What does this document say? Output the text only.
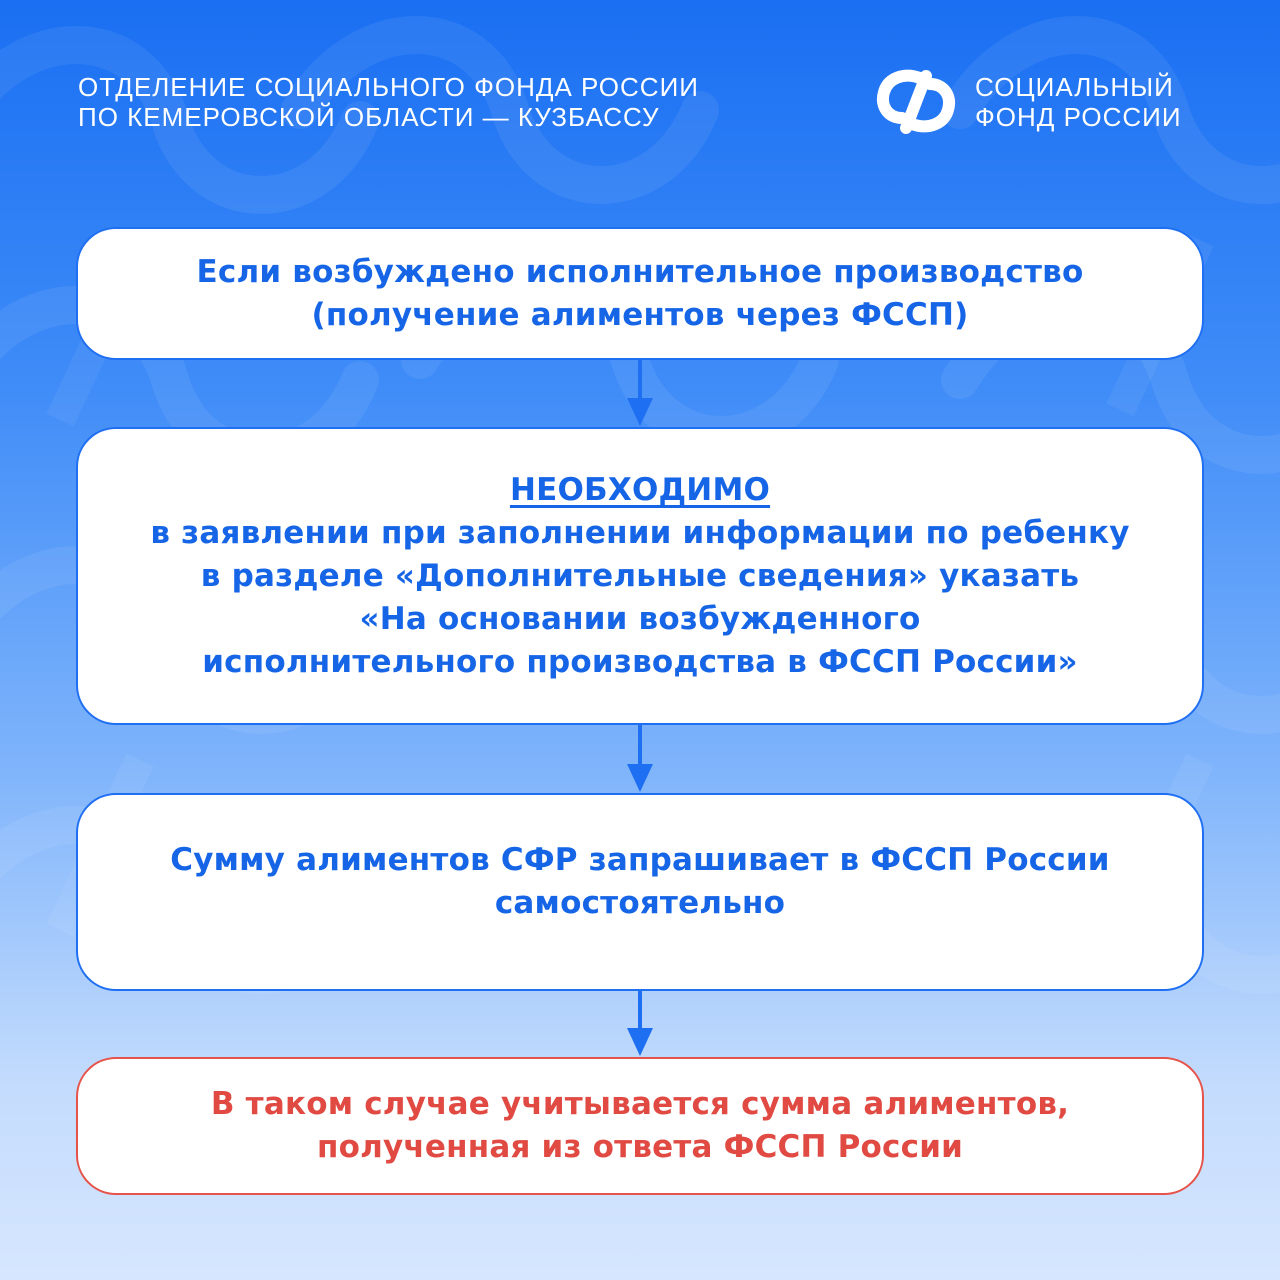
ОТДЕЛЕНИЕ СОЦИАЛЬНОГО ФОНДА РОССИИ
ПО КЕМЕРОВСКОЙ ОБЛАСТИ — КУЗБАССУ
СОЦИАЛЬНЫЙ
ФОНД РОССИИ
Если возбуждено исполнительное производство
(получение алиментов через ФССП)
НЕОБХОДИМО
в заявлении при заполнении информации по ребенку
в разделе «Дополнительные сведения» указать
«На основании возбужденного
исполнительного производства в ФССП России»
Сумму алиментов СФР запрашивает в ФССП России
самостоятельно
В таком случае учитывается сумма алиментов,
полученная из ответа ФССП России
